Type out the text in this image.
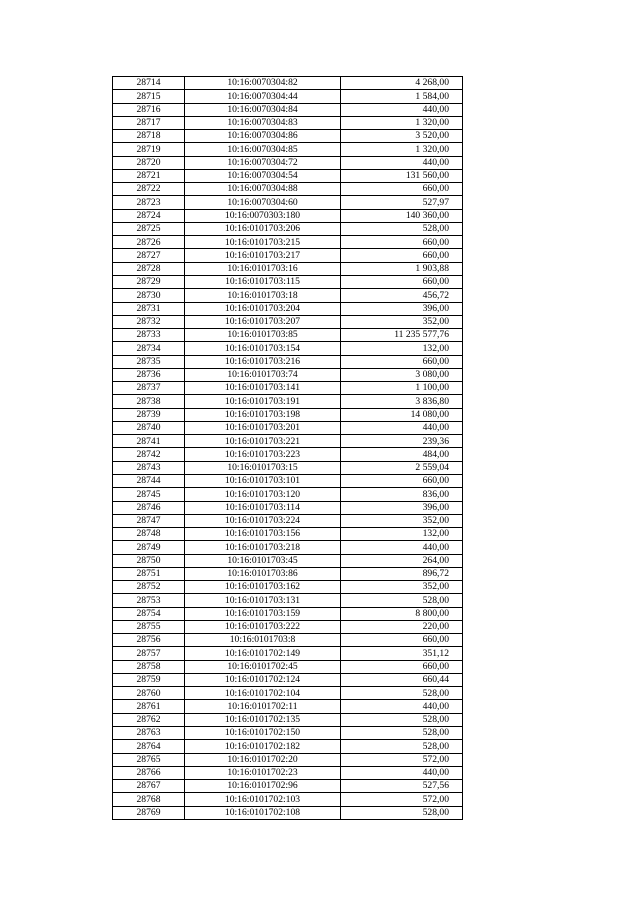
28714	10:16:0070304:82	4 268,00
28715	10:16:0070304:44	1 584,00
28716	10:16:0070304:84	440,00
28717	10:16:0070304:83	1 320,00
28718	10:16:0070304:86	3 520,00
28719	10:16:0070304:85	1 320,00
28720	10:16:0070304:72	440,00
28721	10:16:0070304:54	131 560,00
28722	10:16:0070304:88	660,00
28723	10:16:0070304:60	527,97
28724	10:16:0070303:180	140 360,00
28725	10:16:0101703:206	528,00
28726	10:16:0101703:215	660,00
28727	10:16:0101703:217	660,00
28728	10:16:0101703:16	1 903,88
28729	10:16:0101703:115	660,00
28730	10:16:0101703:18	456,72
28731	10:16:0101703:204	396,00
28732	10:16:0101703:207	352,00
28733	10:16:0101703:85	11 235 577,76
28734	10:16:0101703:154	132,00
28735	10:16:0101703:216	660,00
28736	10:16:0101703:74	3 080,00
28737	10:16:0101703:141	1 100,00
28738	10:16:0101703:191	3 836,80
28739	10:16:0101703:198	14 080,00
28740	10:16:0101703:201	440,00
28741	10:16:0101703:221	239,36
28742	10:16:0101703:223	484,00
28743	10:16:0101703:15	2 559,04
28744	10:16:0101703:101	660,00
28745	10:16:0101703:120	836,00
28746	10:16:0101703:114	396,00
28747	10:16:0101703:224	352,00
28748	10:16:0101703:156	132,00
28749	10:16:0101703:218	440,00
28750	10:16:0101703:45	264,00
28751	10:16:0101703:86	896,72
28752	10:16:0101703:162	352,00
28753	10:16:0101703:131	528,00
28754	10:16:0101703:159	8 800,00
28755	10:16:0101703:222	220,00
28756	10:16:0101703:8	660,00
28757	10:16:0101702:149	351,12
28758	10:16:0101702:45	660,00
28759	10:16:0101702:124	660,44
28760	10:16:0101702:104	528,00
28761	10:16:0101702:11	440,00
28762	10:16:0101702:135	528,00
28763	10:16:0101702:150	528,00
28764	10:16:0101702:182	528,00
28765	10:16:0101702:20	572,00
28766	10:16:0101702:23	440,00
28767	10:16:0101702:96	527,56
28768	10:16:0101702:103	572,00
28769	10:16:0101702:108	528,00
